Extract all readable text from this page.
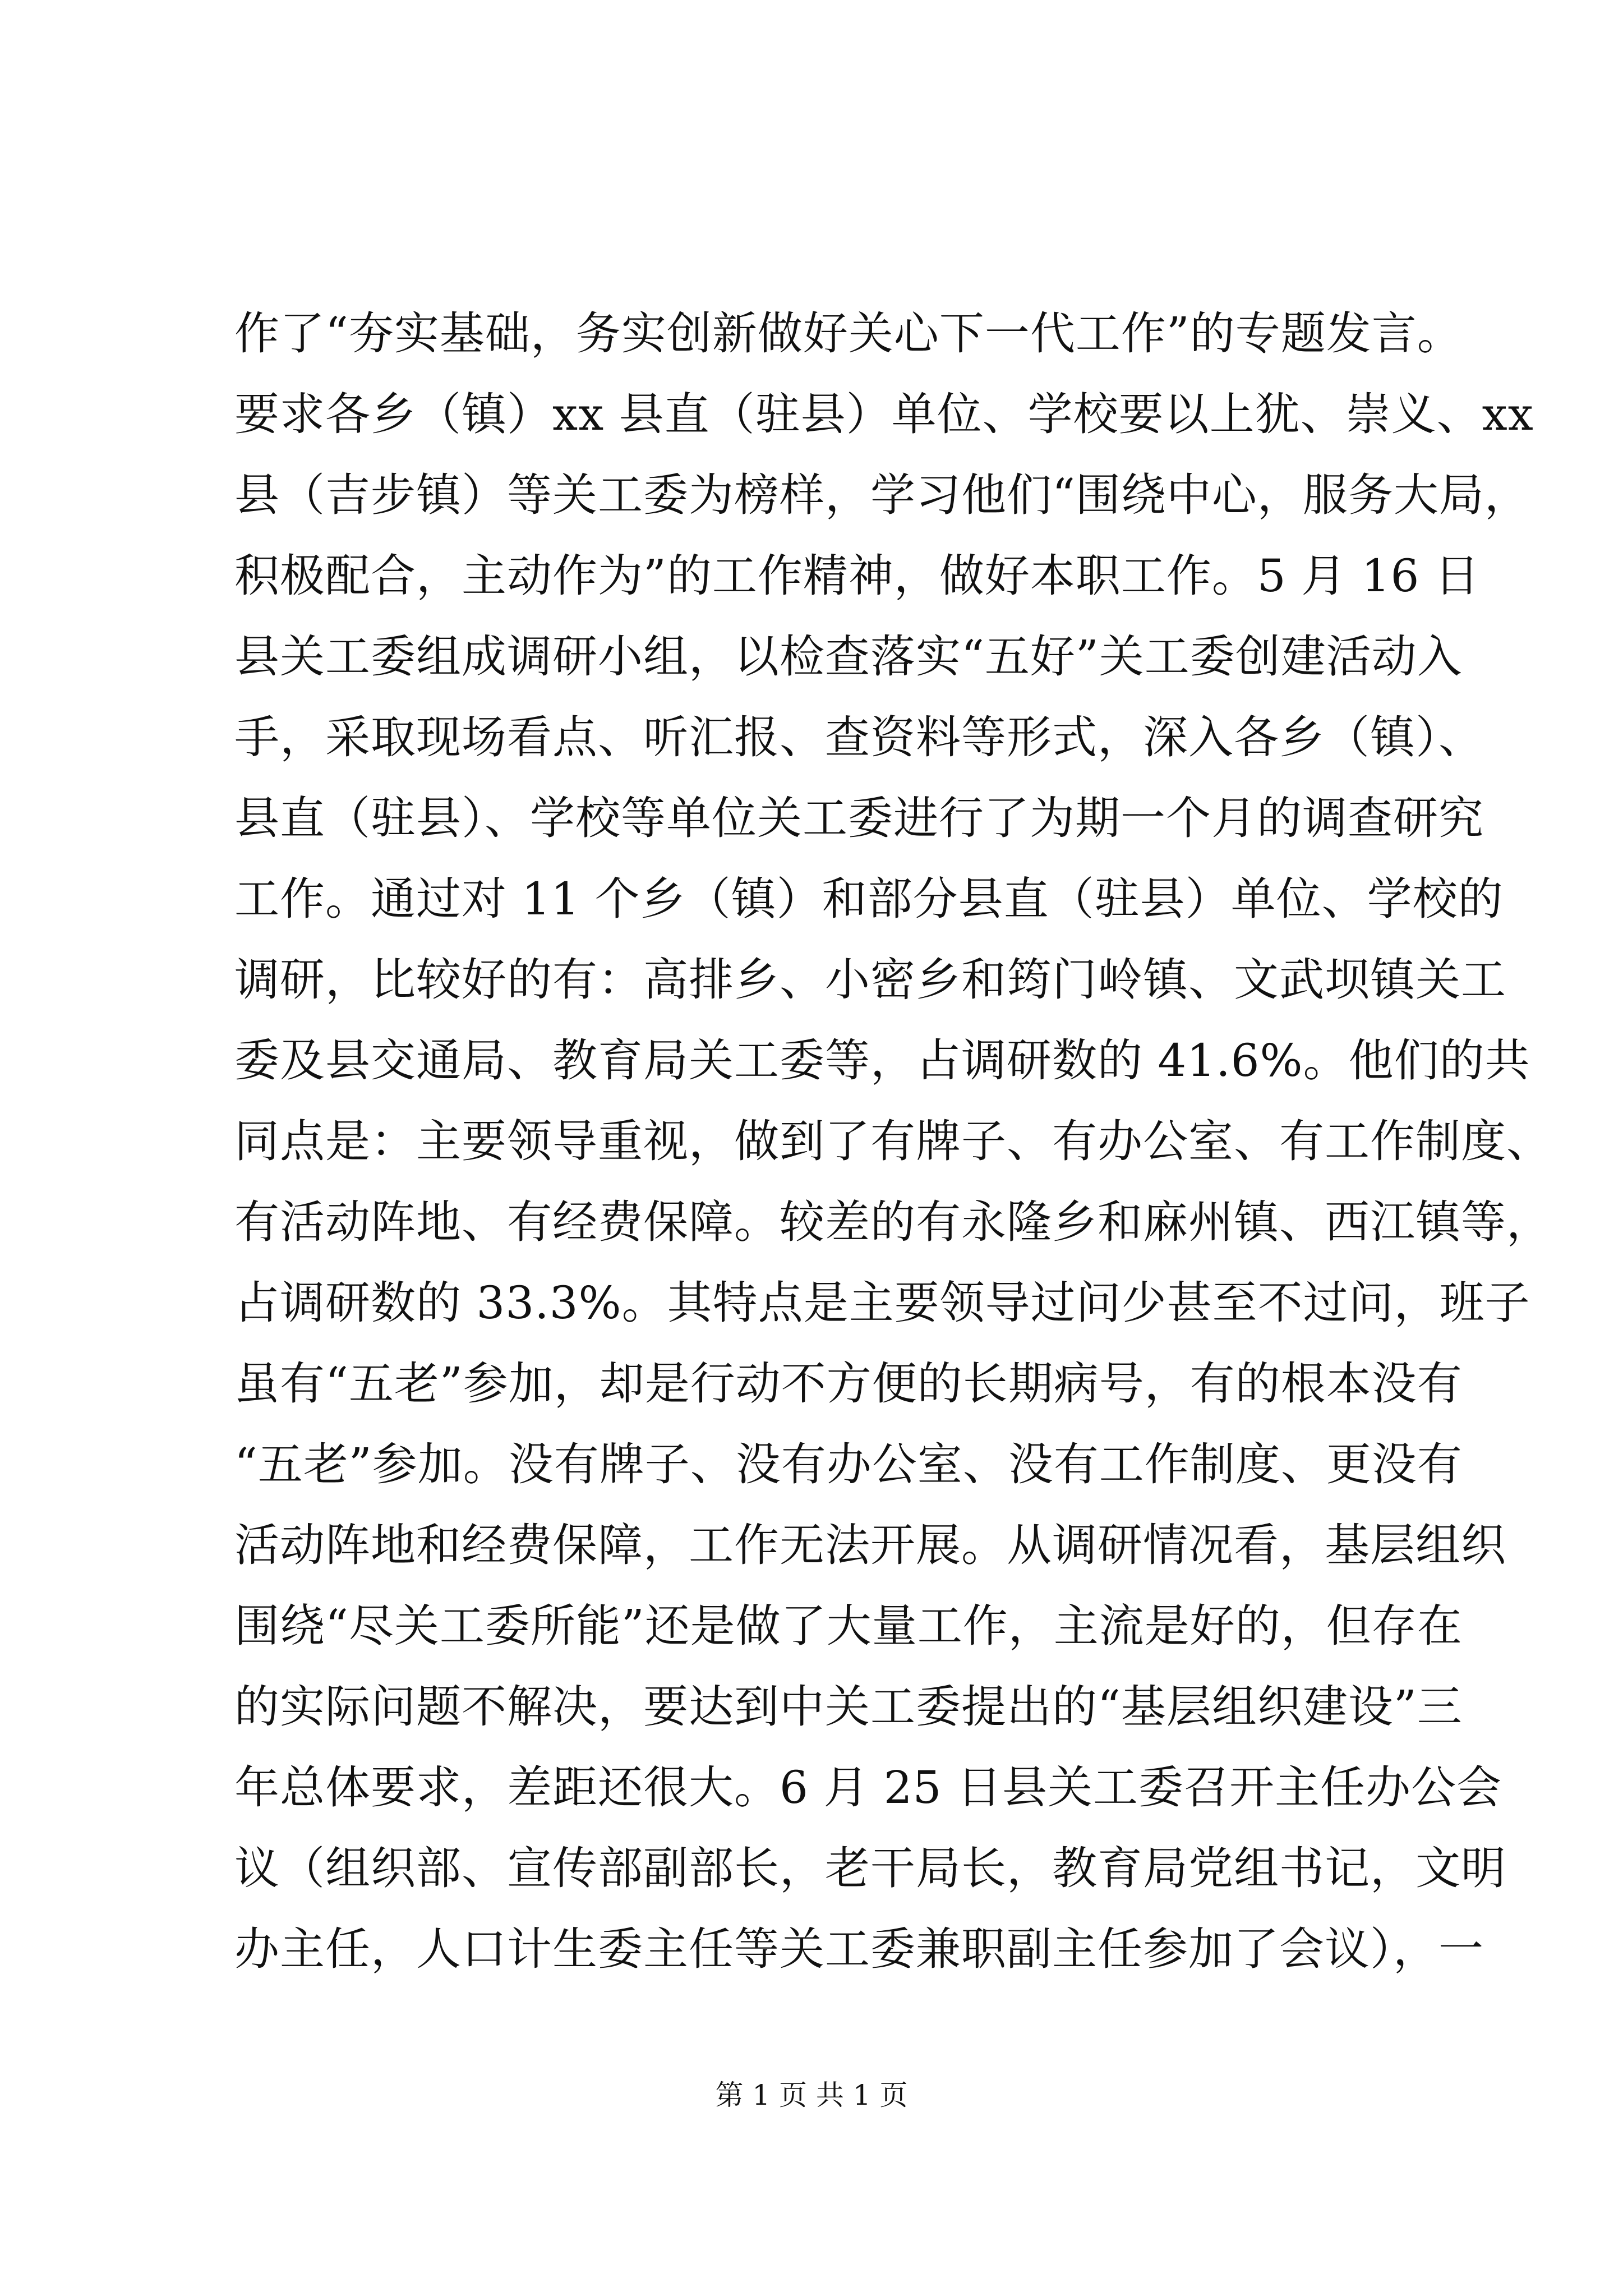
作了“夯实基础，务实创新做好关心下一代工作”的专题发言。
要求各乡（镇）xx 县直（驻县）单位、学校要以上犹、崇义、xx
县（吉步镇）等关工委为榜样，学习他们“围绕中心，服务大局，
积极配合，主动作为”的工作精神，做好本职工作。5 月 16 日
县关工委组成调研小组，以检查落实“五好”关工委创建活动入
手，采取现场看点、听汇报、查资料等形式，深入各乡（镇）、
县直（驻县）、学校等单位关工委进行了为期一个月的调查研究
工作。通过对 11 个乡（镇）和部分县直（驻县）单位、学校的
调研，比较好的有：高排乡、小密乡和筠门岭镇、文武坝镇关工
委及县交通局、教育局关工委等，占调研数的 41.6%。他们的共
同点是：主要领导重视，做到了有牌子、有办公室、有工作制度、
有活动阵地、有经费保障。较差的有永隆乡和麻州镇、西江镇等，
占调研数的 33.3%。其特点是主要领导过问少甚至不过问，班子
虽有“五老”参加，却是行动不方便的长期病号，有的根本没有
“五老”参加。没有牌子、没有办公室、没有工作制度、更没有
活动阵地和经费保障，工作无法开展。从调研情况看，基层组织
围绕“尽关工委所能”还是做了大量工作，主流是好的，但存在
的实际问题不解决，要达到中关工委提出的“基层组织建设”三
年总体要求，差距还很大。6 月 25 日县关工委召开主任办公会
议（组织部、宣传部副部长，老干局长，教育局党组书记，文明
办主任，人口计生委主任等关工委兼职副主任参加了会议），一
第 1 页 共 1 页
